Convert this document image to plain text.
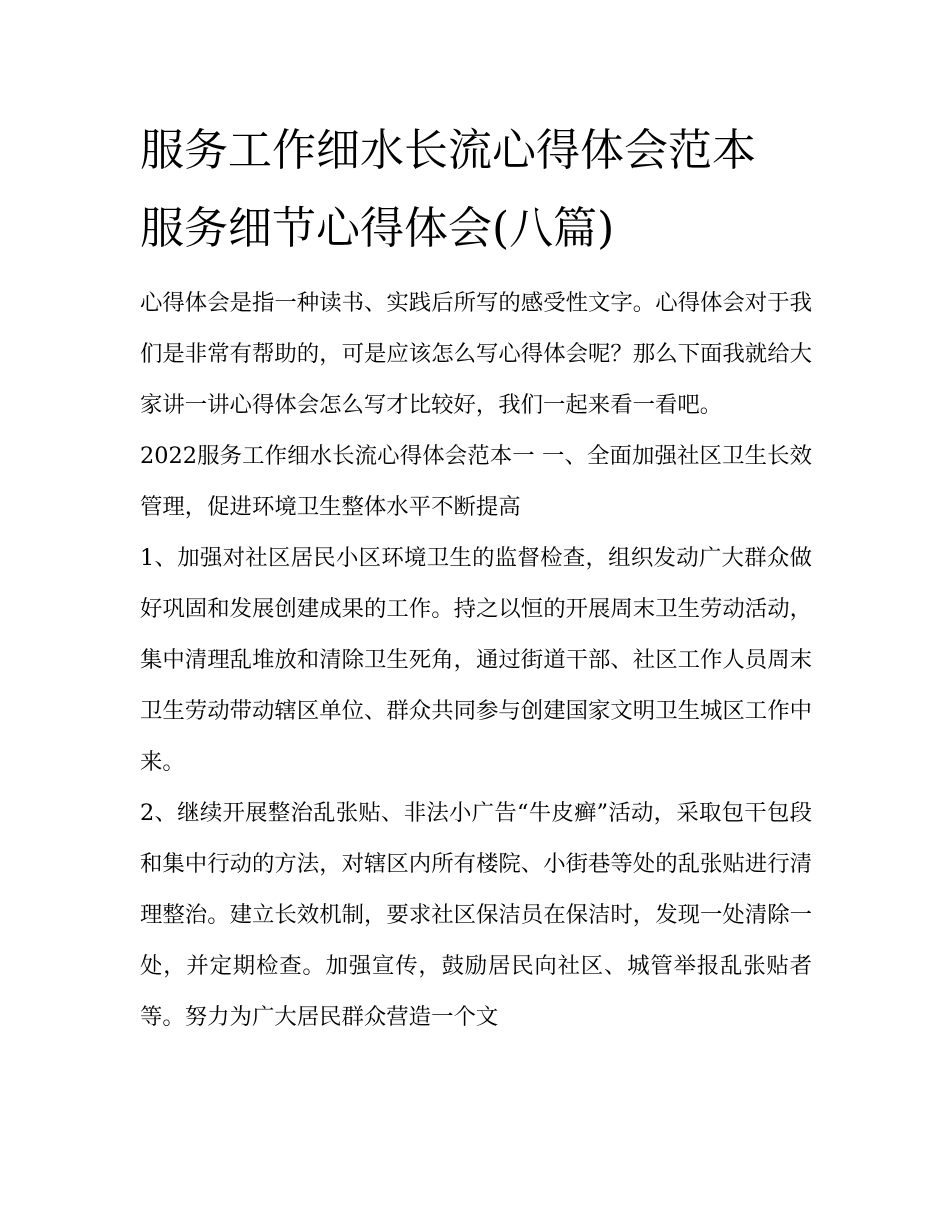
服务工作细水长流心得体会范本 服务细节心得体会(八篇)

心得体会是指一种读书、实践后所写的感受性文字。心得体会对于我们是非常有帮助的，可是应该怎么写心得体会呢？那么下面我就给大家讲一讲心得体会怎么写才比较好，我们一起来看一看吧。

2022服务工作细水长流心得体会范本一 一、全面加强社区卫生长效管理，促进环境卫生整体水平不断提高

1、加强对社区居民小区环境卫生的监督检查，组织发动广大群众做好巩固和发展创建成果的工作。持之以恒的开展周末卫生劳动活动，集中清理乱堆放和清除卫生死角，通过街道干部、社区工作人员周末卫生劳动带动辖区单位、群众共同参与创建国家文明卫生城区工作中来。

2、继续开展整治乱张贴、非法小广告“牛皮癣”活动，采取包干包段和集中行动的方法，对辖区内所有楼院、小街巷等处的乱张贴进行清理整治。建立长效机制，要求社区保洁员在保洁时，发现一处清除一处，并定期检查。加强宣传，鼓励居民向社区、城管举报乱张贴者等。努力为广大居民群众营造一个文
